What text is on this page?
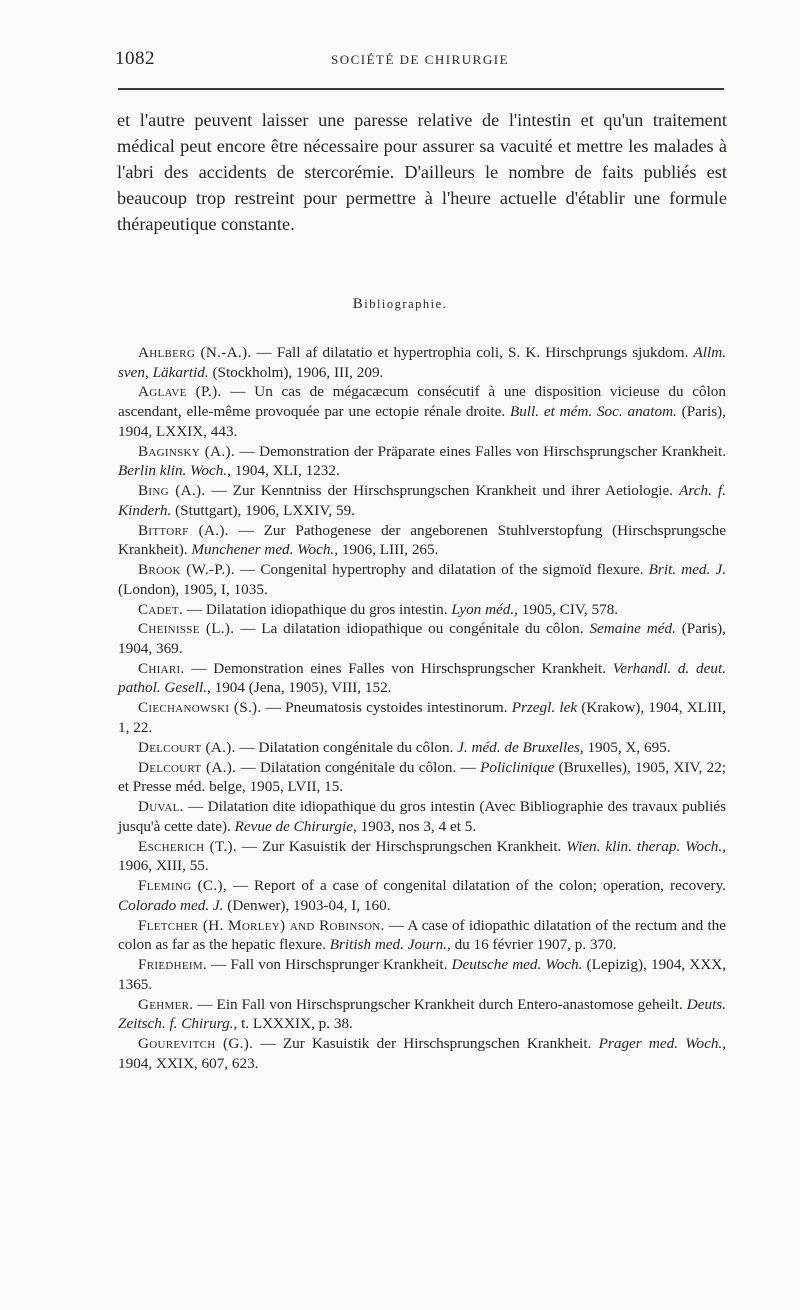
1082	SOCIÉTÉ DE CHIRURGIE

et l'autre peuvent laisser une paresse relative de l'intestin et qu'un traitement médical peut encore être nécessaire pour assurer sa vacuité et mettre les malades à l'abri des accidents de stercorémie. D'ailleurs le nombre de faits publiés est beaucoup trop restreint pour permettre à l'heure actuelle d'établir une formule thérapeutique constante.

Bibliographie.
Ahlberg (N.-A.). — Fall af dilatatio et hypertrophia coli, S. K. Hirschprungs sjukdom. Allm. sven, Läkartid. (Stockholm), 1906, III, 209.
Aglave (P.). — Un cas de mégacæcum consécutif à une disposition vicieuse du côlon ascendant, elle-même provoquée par une ectopie rénale droite. Bull. et mém. Soc. anatom. (Paris), 1904, LXXIX, 443.
Baginsky (A.). — Demonstration der Präparate eines Falles von Hirschsprungscher Krankheit. Berlin klin. Woch., 1904, XLI, 1232.
Bing (A.). — Zur Kenntniss der Hirschsprungschen Krankheit und ihrer Aetiologie. Arch. f. Kinderh. (Stuttgart), 1906, LXXIV, 59.
Bittorf (A.). — Zur Pathogenese der angeborenen Stuhlverstopfung (Hirschsprungsche Krankheit). Munchener med. Woch., 1906, LIII, 265.
Brook (W.-P.). — Congenital hypertrophy and dilatation of the sigmoïd flexure. Brit. med. J. (London), 1905, I, 1035.
Cadet. — Dilatation idiopathique du gros intestin. Lyon méd., 1905, CIV, 578.
Cheinisse (L.). — La dilatation idiopathique ou congénitale du côlon. Semaine méd. (Paris), 1904, 369.
Chiari. — Demonstration eines Falles von Hirschsprungscher Krankheit. Verhandl. d. deut. pathol. Gesell., 1904 (Jena, 1905), VIII, 152.
Ciechanowski (S.). — Pneumatosis cystoides intestinorum. Przegl. lek (Krakow), 1904, XLIII, 1, 22.
Delcourt (A.). — Dilatation congénitale du côlon. J. méd. de Bruxelles, 1905, X, 695.
Delcourt (A.). — Dilatation congénitale du côlon. — Policlinique (Bruxelles), 1905, XIV, 22; et Presse méd. belge, 1905, LVII, 15.
Duval. — Dilatation dite idiopathique du gros intestin (Avec Bibliographie des travaux publiés jusqu'à cette date). Revue de Chirurgie, 1903, nos 3, 4 et 5.
Escherich (T.). — Zur Kasuistik der Hirschsprungschen Krankheit. Wien. klin. therap. Woch., 1906, XIII, 55.
Fleming (C.), — Report of a case of congenital dilatation of the colon; operation, recovery. Colorado med. J. (Denwer), 1903-04, I, 160.
Fletcher (H. Morley) and Robinson. — A case of idiopathic dilatation of the rectum and the colon as far as the hepatic flexure. British med. Journ., du 16 février 1907, p. 370.
Friedheim. — Fall von Hirschsprunger Krankheit. Deutsche med. Woch. (Lepizig), 1904, XXX, 1365.
Gehmer. — Ein Fall von Hirschsprungscher Krankheit durch Entero-anastomose geheilt. Deuts. Zeitsch. f. Chirurg., t. LXXXIX, p. 38.
Gourevitch (G.). — Zur Kasuistik der Hirschsprungschen Krankheit. Prager med. Woch., 1904, XXIX, 607, 623.
